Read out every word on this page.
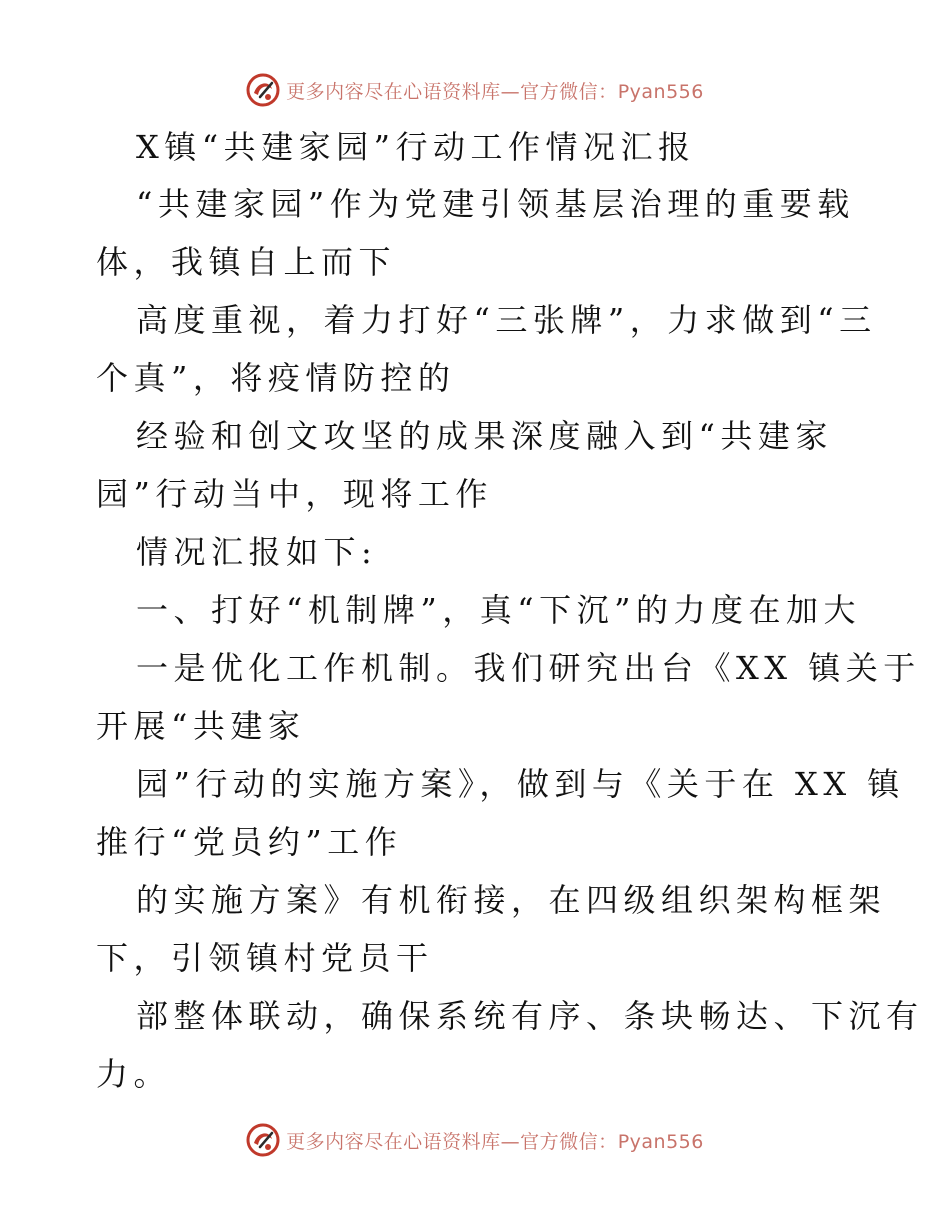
更多内容尽在心语资料库—官方微信：Pyan556
X镇“共建家园”行动工作情况汇报
“共建家园”作为党建引领基层治理的重要载
体，我镇自上而下
高度重视，着力打好“三张牌”，力求做到“三
个真”，将疫情防控的
经验和创文攻坚的成果深度融入到“共建家
园”行动当中，现将工作
情况汇报如下:
一、打好“机制牌”，真“下沉”的力度在加大
一是优化工作机制。我们研究出台《XX 镇关于
开展“共建家
园”行动的实施方案》，做到与《关于在 XX 镇
推行“党员约”工作
的实施方案》有机衔接，在四级组织架构框架
下，引领镇村党员干
部整体联动，确保系统有序、条块畅达、下沉有
力。
更多内容尽在心语资料库—官方微信：Pyan556
